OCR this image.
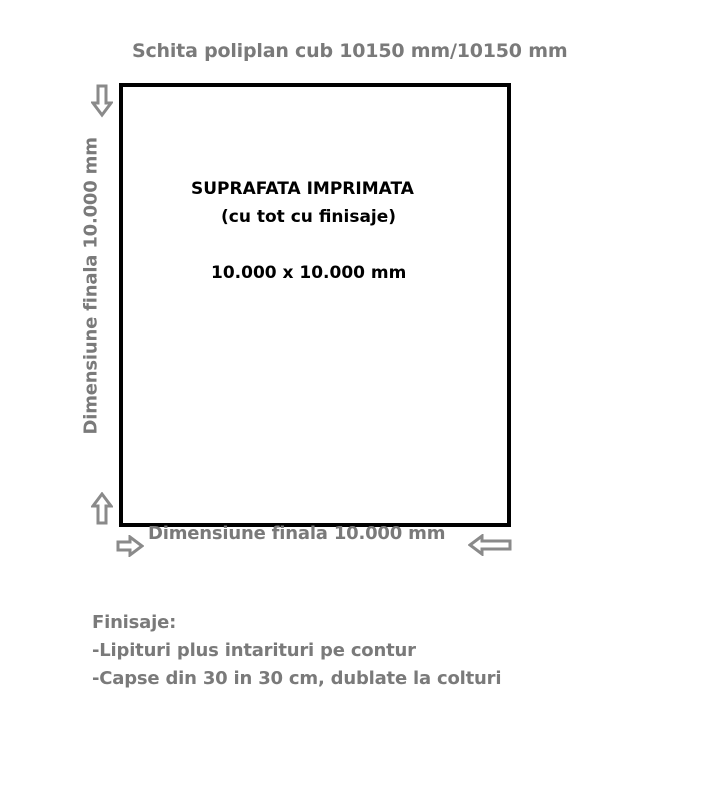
Schita poliplan cub 10150 mm/10150 mm
SUPRAFATA IMPRIMATA
(cu tot cu finisaje)
10.000 x 10.000 mm
Dimensiune finala 10.000 mm
Dimensiune finala 10.000 mm
Finisaje:
-Lipituri plus intarituri pe contur
-Capse din 30 in 30 cm, dublate la colturi
